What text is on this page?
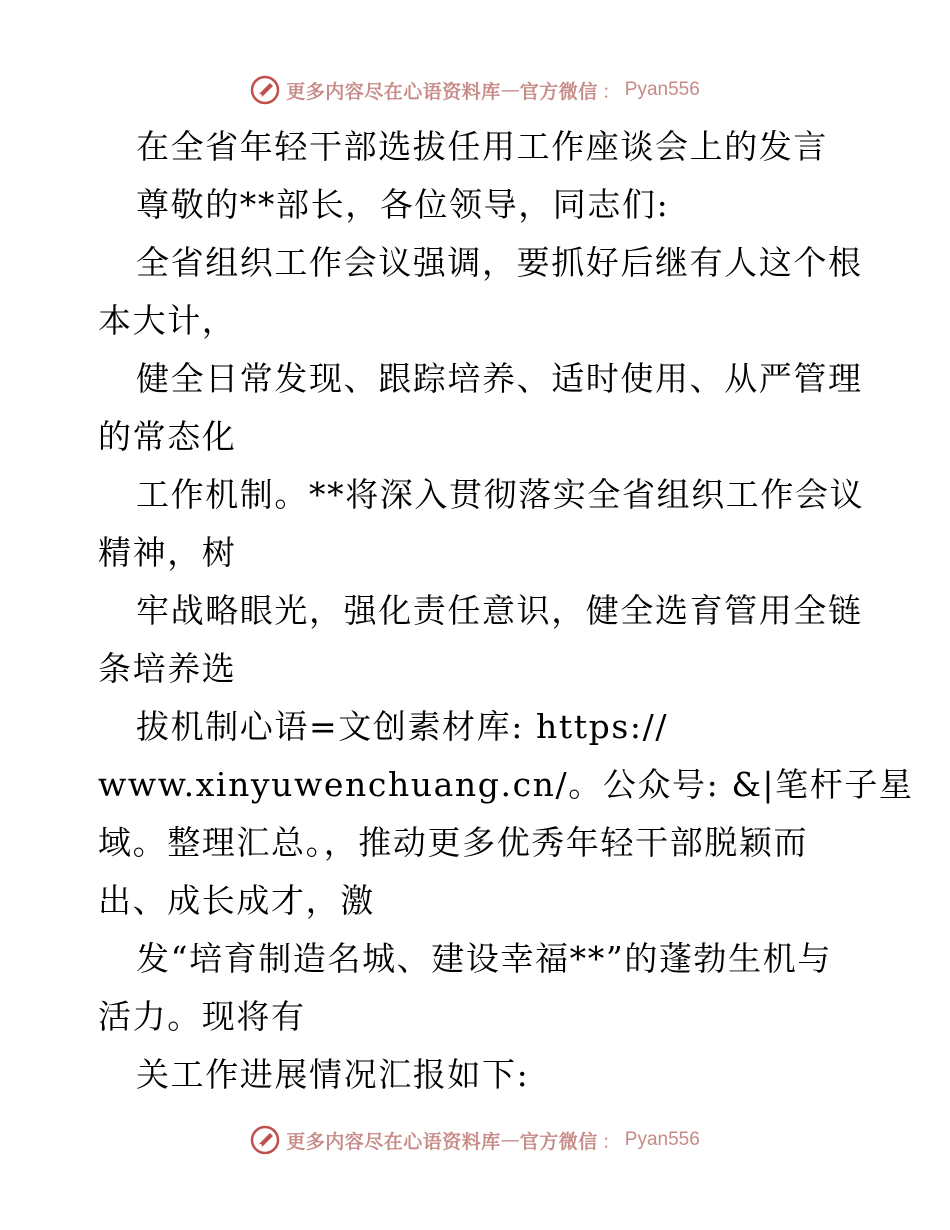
更多内容尽在心语资料库 — 官方微信 ： Pyan556
在全省年轻干部选拔任用工作座谈会上的发言
尊敬的**部长，各位领导，同志们:
全省组织工作会议强调，要抓好后继有人这个根
本大计，
健全日常发现、跟踪培养、适时使用、从严管理
的常态化
工作机制。**将深入贯彻落实全省组织工作会议
精神，树
牢战略眼光，强化责任意识，健全选育管用全链
条培养选
拔机制心语=文创素材库: https://
www.xinyuwenchuang.cn/。公众号: &|笔杆子星
域。整理汇总。，推动更多优秀年轻干部脱颖而
出、成长成才，激
发“培育制造名城、建设幸福**”的蓬勃生机与
活力。现将有
关工作进展情况汇报如下:
更多内容尽在心语资料库 — 官方微信 ： Pyan556
